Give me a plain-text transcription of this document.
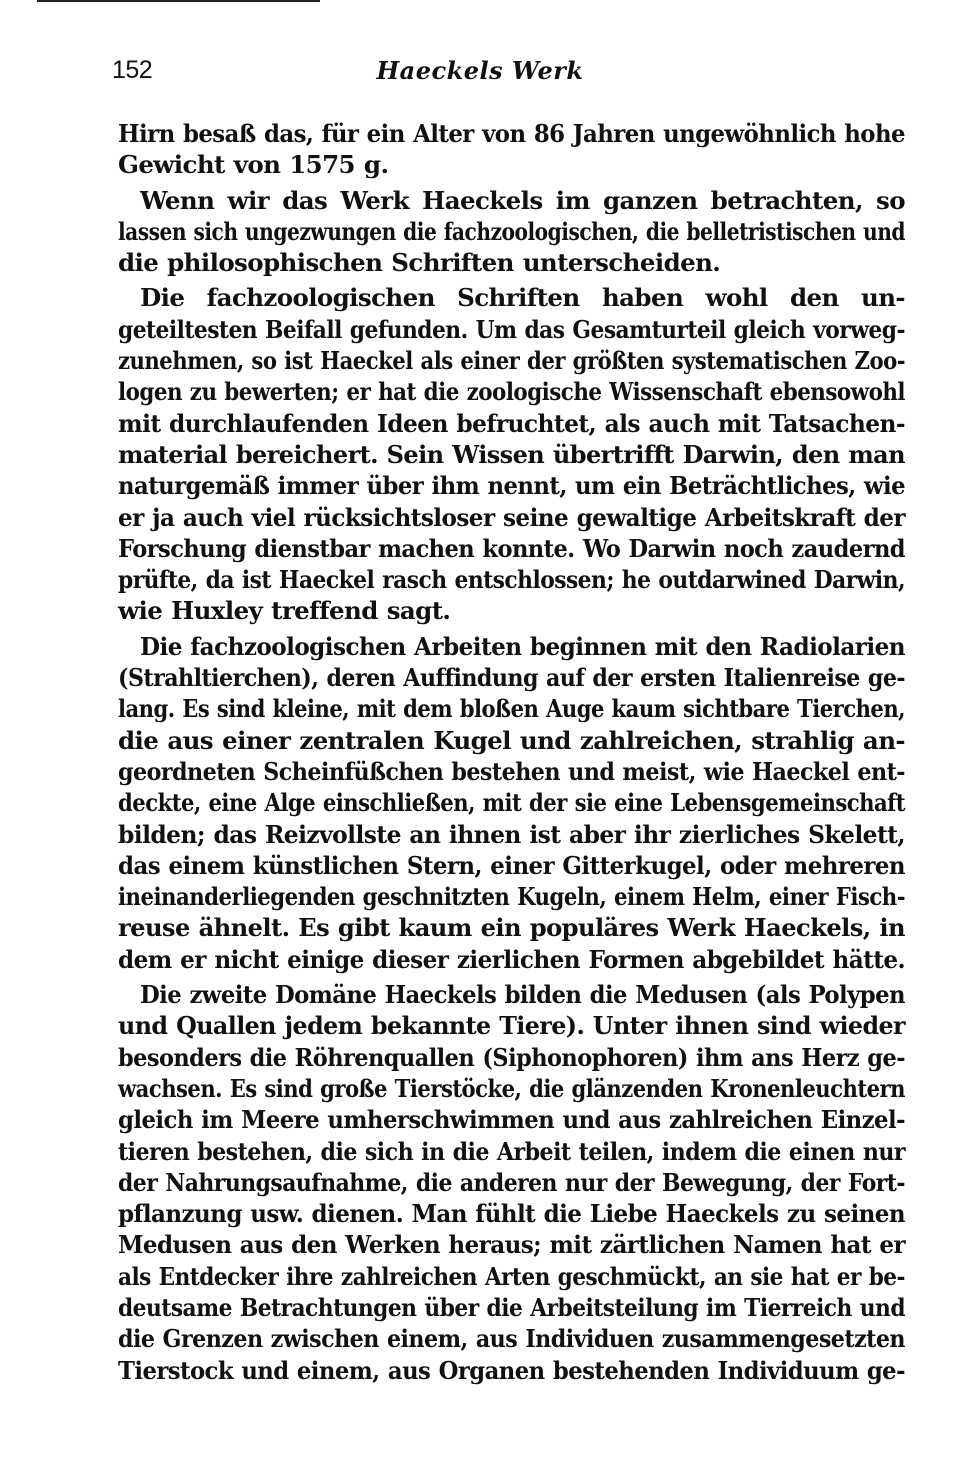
152	Haeckels Werk
Hirn besaß das, für ein Alter von 86 Jahren ungewöhnlich hohe
Gewicht von 1575 g.
Wenn wir das Werk Haeckels im ganzen betrachten, so
lassen sich ungezwungen die fachzoologischen, die belletristischen und
die philosophischen Schriften unterscheiden.
Die fachzoologischen Schriften haben wohl den un-
geteiltesten Beifall gefunden. Um das Gesamturteil gleich vorweg-
zunehmen, so ist Haeckel als einer der größten systematischen Zoo-
logen zu bewerten; er hat die zoologische Wissenschaft ebensowohl
mit durchlaufenden Ideen befruchtet, als auch mit Tatsachen-
material bereichert. Sein Wissen übertrifft Darwin, den man
naturgemäß immer über ihm nennt, um ein Beträchtliches, wie
er ja auch viel rücksichtsloser seine gewaltige Arbeitskraft der
Forschung dienstbar machen konnte. Wo Darwin noch zaudernd
prüfte, da ist Haeckel rasch entschlossen; he outdarwined Darwin,
wie Huxley treffend sagt.
Die fachzoologischen Arbeiten beginnen mit den Radiolarien
(Strahltierchen), deren Auffindung auf der ersten Italienreise ge-
lang. Es sind kleine, mit dem bloßen Auge kaum sichtbare Tierchen,
die aus einer zentralen Kugel und zahlreichen, strahlig an-
geordneten Scheinfüßchen bestehen und meist, wie Haeckel ent-
deckte, eine Alge einschließen, mit der sie eine Lebensgemeinschaft
bilden; das Reizvollste an ihnen ist aber ihr zierliches Skelett,
das einem künstlichen Stern, einer Gitterkugel, oder mehreren
ineinanderliegenden geschnitzten Kugeln, einem Helm, einer Fisch-
reuse ähnelt. Es gibt kaum ein populäres Werk Haeckels, in
dem er nicht einige dieser zierlichen Formen abgebildet hätte.
Die zweite Domäne Haeckels bilden die Medusen (als Polypen
und Quallen jedem bekannte Tiere). Unter ihnen sind wieder
besonders die Röhrenquallen (Siphonophoren) ihm ans Herz ge-
wachsen. Es sind große Tierstöcke, die glänzenden Kronenleuchtern
gleich im Meere umherschwimmen und aus zahlreichen Einzel-
tieren bestehen, die sich in die Arbeit teilen, indem die einen nur
der Nahrungsaufnahme, die anderen nur der Bewegung, der Fort-
pflanzung usw. dienen. Man fühlt die Liebe Haeckels zu seinen
Medusen aus den Werken heraus; mit zärtlichen Namen hat er
als Entdecker ihre zahlreichen Arten geschmückt, an sie hat er be-
deutsame Betrachtungen über die Arbeitsteilung im Tierreich und
die Grenzen zwischen einem, aus Individuen zusammengesetzten
Tierstock und einem, aus Organen bestehenden Individuum ge-
